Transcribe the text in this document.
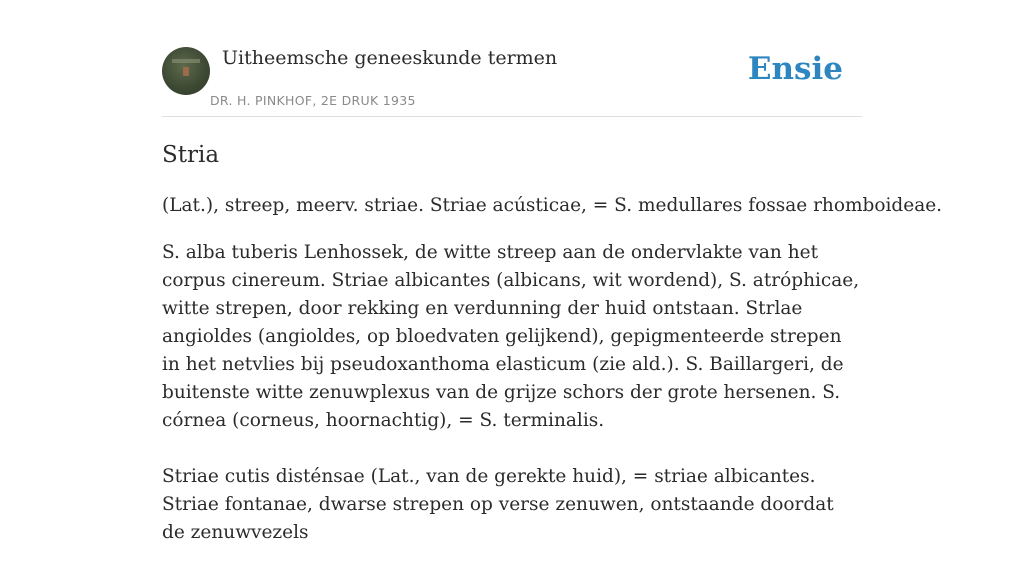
Uitheemsche geneeskunde termen
DR. H. PINKHOF, 2E DRUK 1935
Ensie
Stria

(Lat.), streep, meerv. striae. Striae acústicae, = S. medullares fossae rhomboideae.

S. alba tuberis Lenhossek, de witte streep aan de ondervlakte van het corpus cinereum. Striae albicantes (albicans, wit wordend), S. atróphicae, witte strepen, door rekking en verdunning der huid ontstaan. Strlae angioldes (angioldes, op bloedvaten gelijkend), gepigmenteerde strepen in het netvlies bij pseudoxanthoma elasticum (zie ald.). S. Baillargeri, de buitenste witte zenuwplexus van de grijze schors der grote hersenen. S. córnea (corneus, hoornachtig), = S. terminalis.

Striae cutis disténsae (Lat., van de gerekte huid), = striae albicantes. Striae fontanae, dwarse strepen op verse zenuwen, ontstaande doordat de zenuwvezels
